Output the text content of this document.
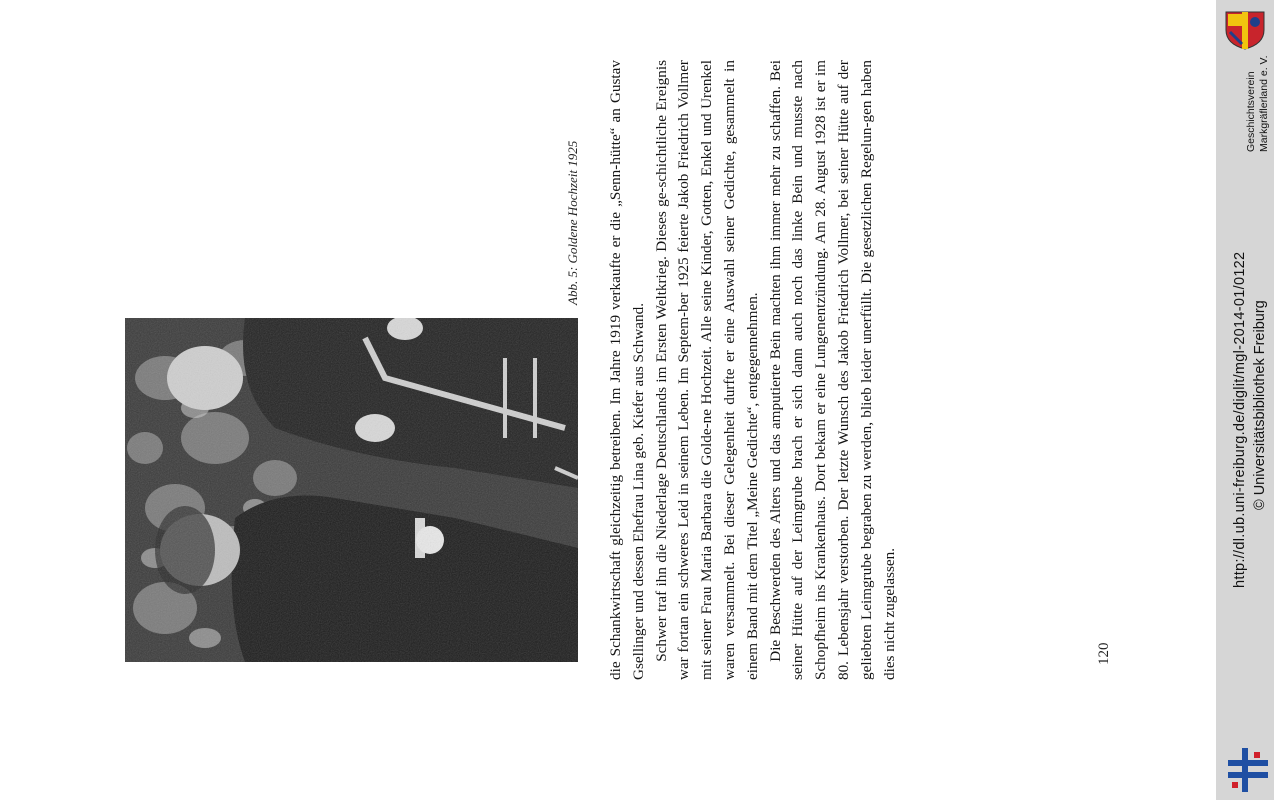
Abb. 5: Goldene Hochzeit 1925 die Schankwirtschaft gleichzeitig betreiben. Im Jahre 1919 verkaufte er die „Senn-hütte“ an Gustav Gsellinger und dessen Ehefrau Lina geb. Kiefer aus Schwand. Schwer traf ihn die Niederlage Deutschlands im Ersten Weltkrieg. Dieses ge-schichtliche Ereignis war fortan ein schweres Leid in seinem Leben. Im Septem-ber 1925 feierte Jakob Friedrich Vollmer mit seiner Frau Maria Barbara die Golde-ne Hochzeit. Alle seine Kinder, Gotten, Enkel und Urenkel waren versammelt. Bei dieser Gelegenheit durfte er eine Auswahl seiner Gedichte, gesammelt in einem Band mit dem Titel „Meine Gedichte“, entgegennehmen. Die Beschwerden des Alters und das amputierte Bein machten ihm immer mehr zu schaffen. Bei seiner Hütte auf der Leimgrube brach er sich dann auch noch das linke Bein und musste nach Schopfheim ins Krankenhaus. Dort bekam er eine Lungenentzündung. Am 28. August 1928 ist er im 80. Lebensjahr verstorben. Der letzte Wunsch des Jakob Friedrich Vollmer, bei seiner Hütte auf der geliebten Leimgrube begraben zu werden, blieb leider unerfüllt. Die gesetzlichen Regelun-gen haben dies nicht zugelassen.	120
Geschichtsverein Markgräflerland e. V.
http://dl.ub.uni-freiburg.de/diglit/mgl-2014-01/0122 © Universitätsbibliothek Freiburg
